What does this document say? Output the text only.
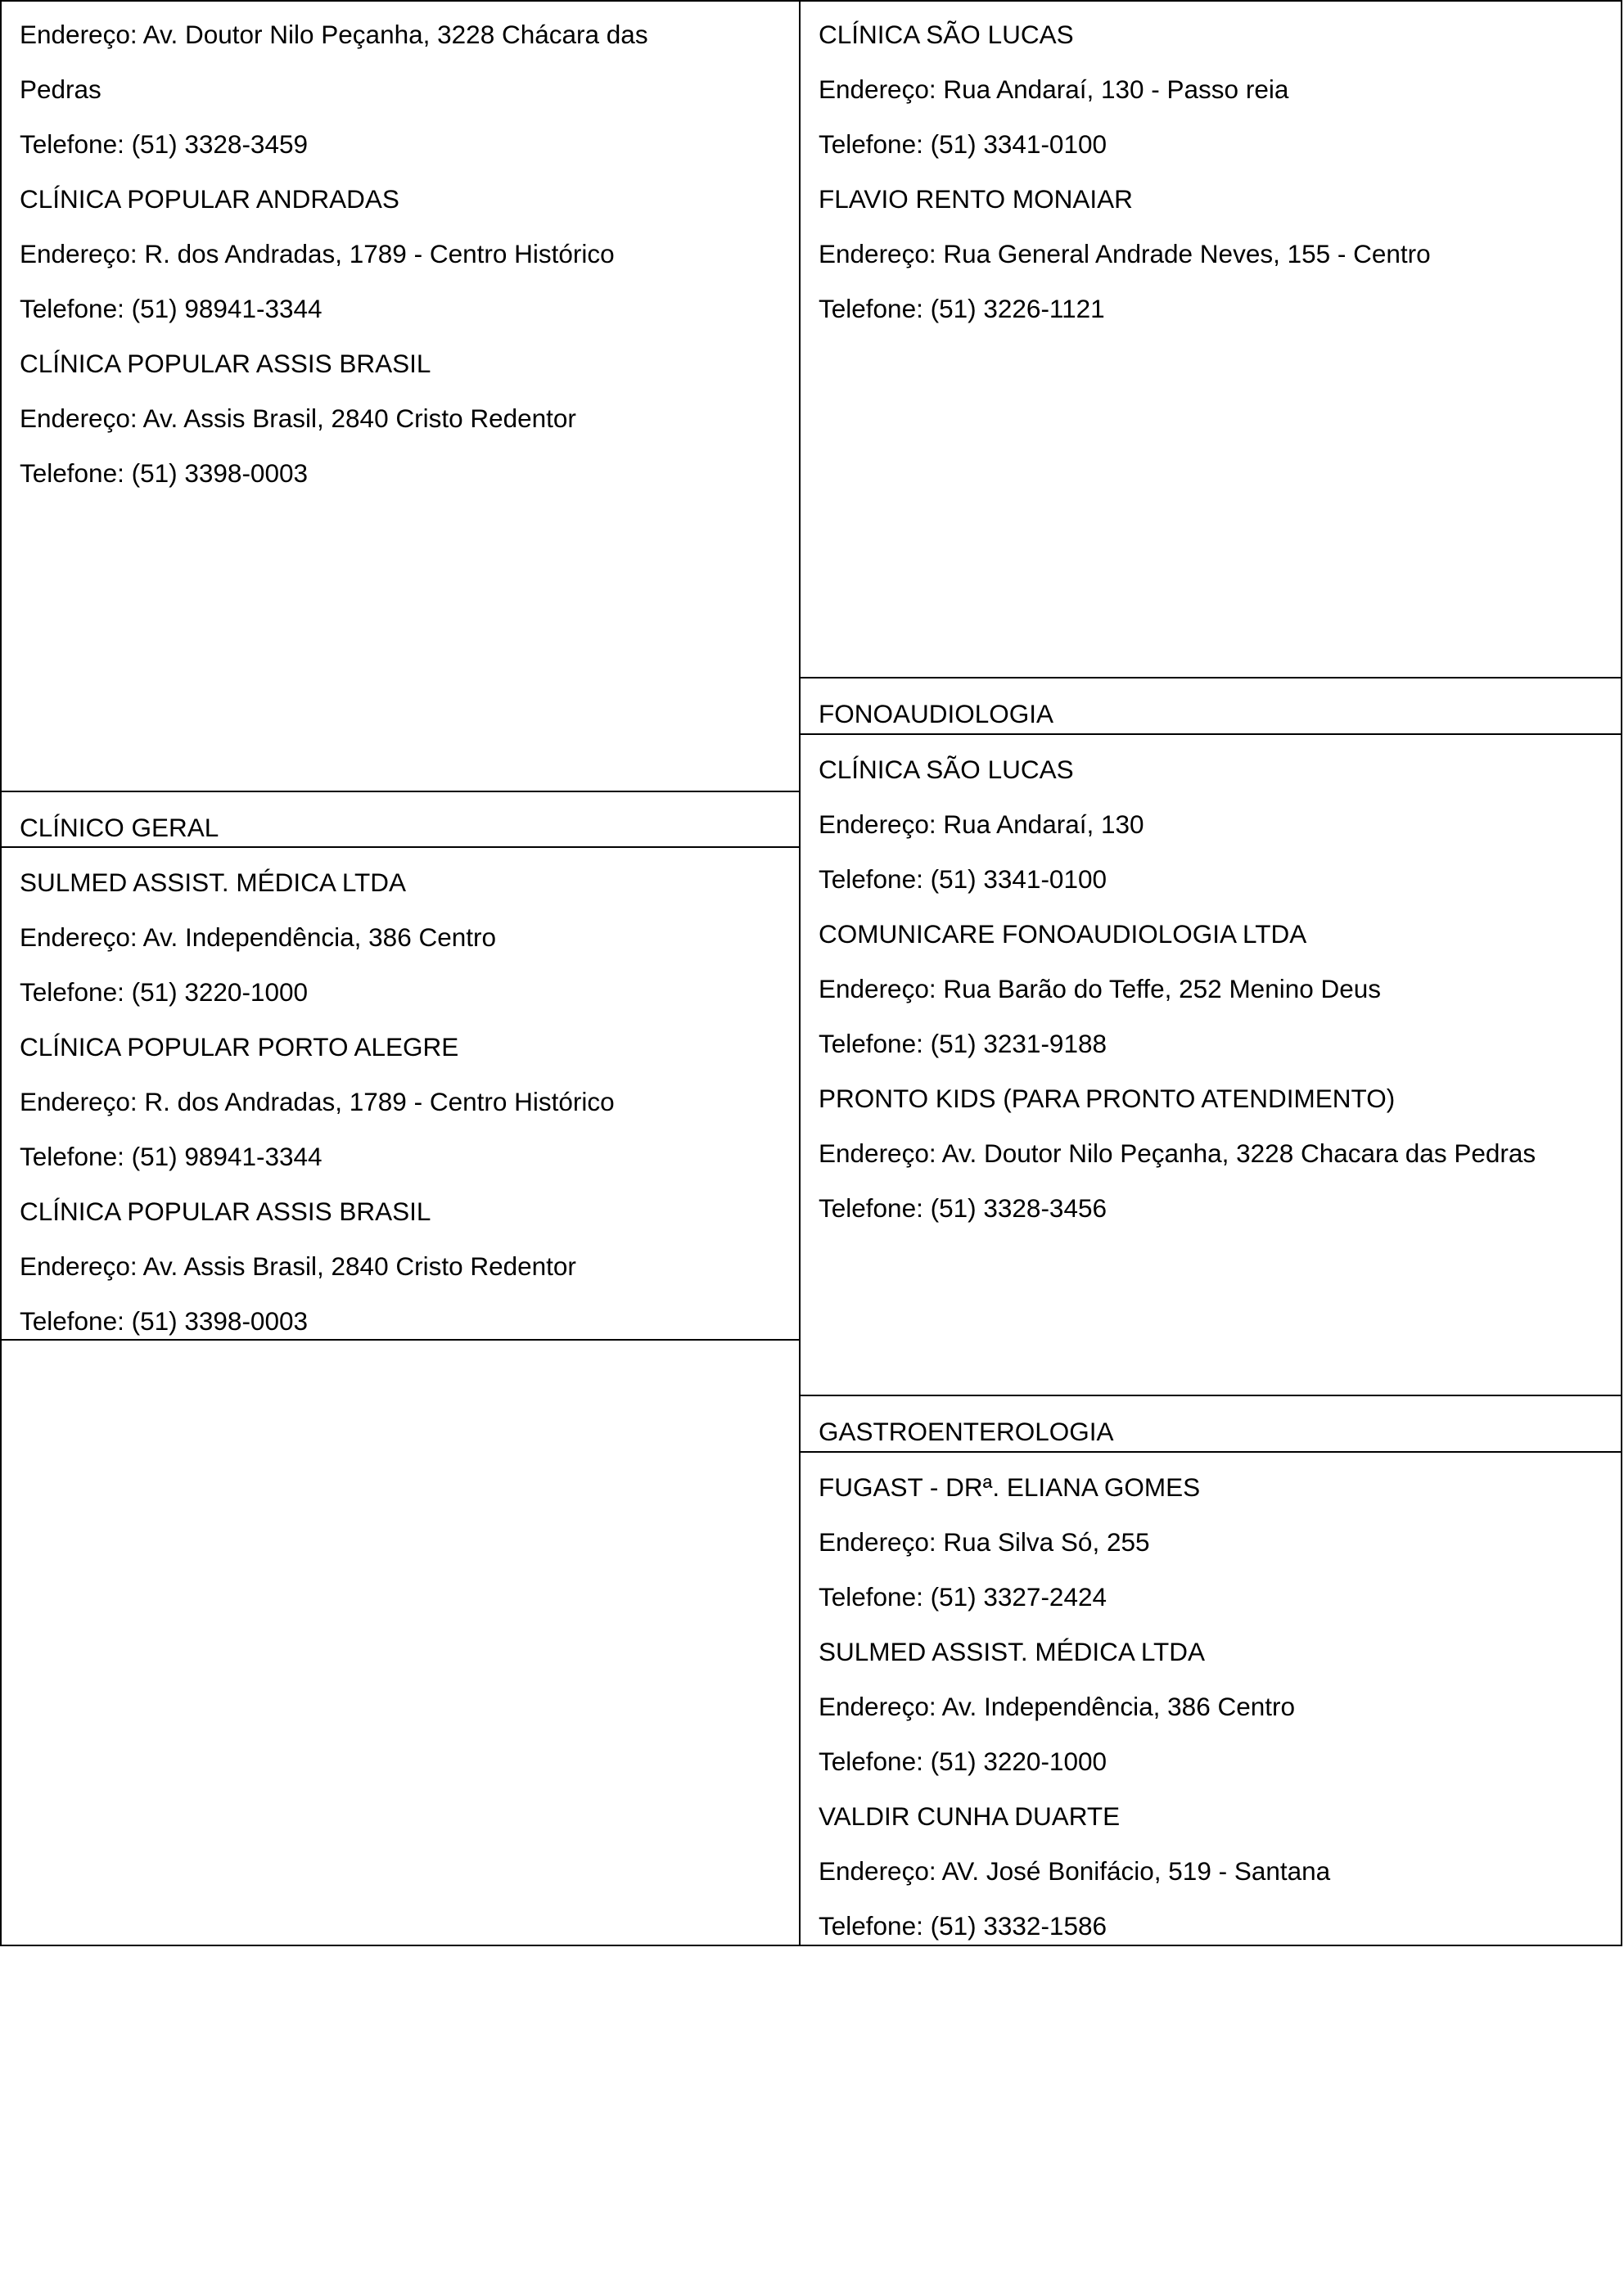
Endereço: Av. Doutor Nilo Peçanha, 3228 Chácara das
Pedras
Telefone: (51) 3328-3459
CLÍNICA POPULAR ANDRADAS
Endereço: R. dos Andradas, 1789 - Centro Histórico
Telefone: (51) 98941-3344
CLÍNICA POPULAR ASSIS BRASIL
Endereço: Av. Assis Brasil, 2840 Cristo Redentor
Telefone: (51) 3398-0003
CLÍNICO GERAL
SULMED ASSIST. MÉDICA LTDA
Endereço: Av. Independência, 386 Centro
Telefone: (51) 3220-1000
CLÍNICA POPULAR PORTO ALEGRE
Endereço: R. dos Andradas, 1789 - Centro Histórico
Telefone: (51) 98941-3344
CLÍNICA POPULAR ASSIS BRASIL
Endereço: Av. Assis Brasil, 2840 Cristo Redentor
Telefone: (51) 3398-0003
CLÍNICA SÃO LUCAS
Endereço: Rua Andaraí, 130 - Passo reia
Telefone: (51) 3341-0100
FLAVIO RENTO MONAIAR
Endereço: Rua General Andrade Neves, 155 - Centro
Telefone: (51) 3226-1121
FONOAUDIOLOGIA
CLÍNICA SÃO LUCAS
Endereço: Rua Andaraí, 130
Telefone: (51) 3341-0100
COMUNICARE FONOAUDIOLOGIA LTDA
Endereço: Rua Barão do Teffe, 252 Menino Deus
Telefone: (51) 3231-9188
PRONTO KIDS (PARA PRONTO ATENDIMENTO)
Endereço: Av. Doutor Nilo Peçanha, 3228 Chacara das Pedras
Telefone: (51) 3328-3456
GASTROENTEROLOGIA
FUGAST - DRª. ELIANA GOMES
Endereço: Rua Silva Só, 255
Telefone: (51) 3327-2424
SULMED ASSIST. MÉDICA LTDA
Endereço: Av. Independência, 386 Centro
Telefone: (51) 3220-1000
VALDIR CUNHA DUARTE
Endereço: AV. José Bonifácio, 519 - Santana
Telefone: (51) 3332-1586
